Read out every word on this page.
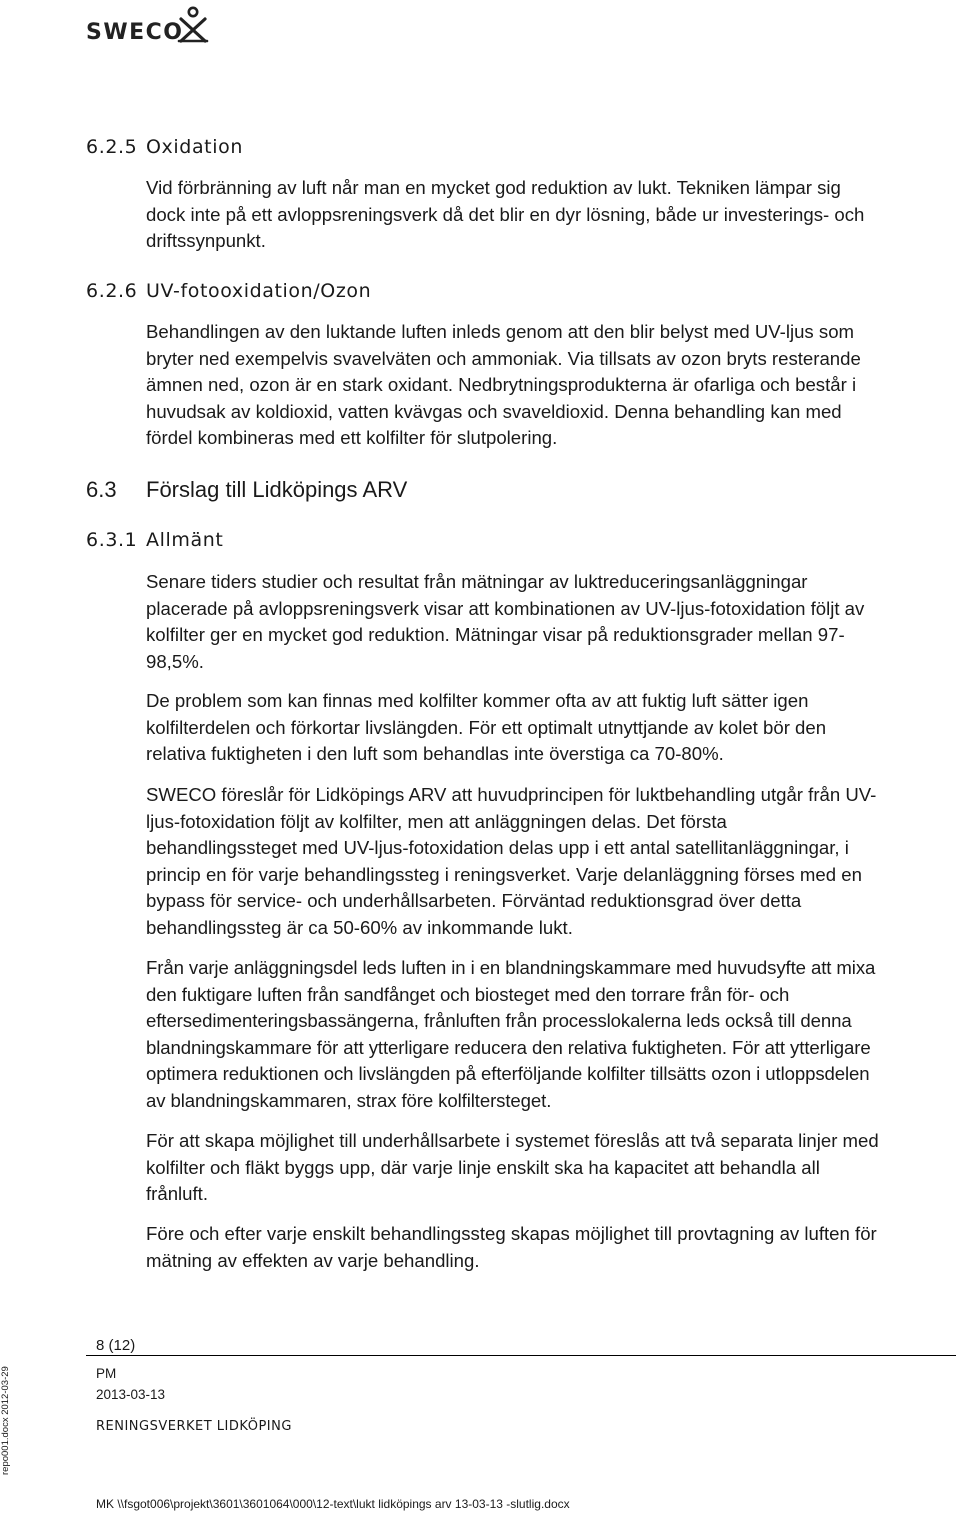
SWECO
6.2.5 Oxidation

Vid förbränning av luft når man en mycket god reduktion av lukt. Tekniken lämpar sig
dock inte på ett avloppsreningsverk då det blir en dyr lösning, både ur investerings- och
driftssynpunkt.

6.2.6 UV-fotooxidation/Ozon

Behandlingen av den luktande luften inleds genom att den blir belyst med UV-ljus som
bryter ned exempelvis svavelväten och ammoniak. Via tillsats av ozon bryts resterande
ämnen ned, ozon är en stark oxidant. Nedbrytningsprodukterna är ofarliga och består i
huvudsak av koldioxid, vatten kvävgas och svaveldioxid. Denna behandling kan med
fördel kombineras med ett kolfilter för slutpolering.

6.3 Förslag till Lidköpings ARV
6.3.1 Allmänt

Senare tiders studier och resultat från mätningar av luktreduceringsanläggningar
placerade på avloppsreningsverk visar att kombinationen av UV-ljus-fotoxidation följt av
kolfilter ger en mycket god reduktion. Mätningar visar på reduktionsgrader mellan 97-
98,5%.

De problem som kan finnas med kolfilter kommer ofta av att fuktig luft sätter igen
kolfilterdelen och förkortar livslängden. För ett optimalt utnyttjande av kolet bör den
relativa fuktigheten i den luft som behandlas inte överstiga ca 70-80%.

SWECO föreslår för Lidköpings ARV att huvudprincipen för luktbehandling utgår från UV-
ljus-fotoxidation följt av kolfilter, men att anläggningen delas. Det första
behandlingssteget med UV-ljus-fotoxidation delas upp i ett antal satellitanläggningar, i
princip en för varje behandlingssteg i reningsverket. Varje delanläggning förses med en
bypass för service- och underhållsarbeten. Förväntad reduktionsgrad över detta
behandlingssteg är ca 50-60% av inkommande lukt.

Från varje anläggningsdel leds luften in i en blandningskammare med huvudsyfte att mixa
den fuktigare luften från sandfånget och biosteget med den torrare från för- och
eftersedimenteringsbassängerna, frånluften från processlokalerna leds också till denna
blandningskammare för att ytterligare reducera den relativa fuktigheten. För att ytterligare
optimera reduktionen och livslängden på efterföljande kolfilter tillsätts ozon i utloppsdelen
av blandningskammaren, strax före kolfiltersteget.

För att skapa möjlighet till underhållsarbete i systemet föreslås att två separata linjer med
kolfilter och fläkt byggs upp, där varje linje enskilt ska ha kapacitet att behandla all
frånluft.

Före och efter varje enskilt behandlingssteg skapas möjlighet till provtagning av luften för
mätning av effekten av varje behandling.

8 (12)
PM
2013-03-13
RENINGSVERKET LIDKÖPING
MK \\fsgot006\projekt\3601\3601064\000\12-text\lukt lidköpings arv 13-03-13 -slutlig.docx
repo001.docx 2012-03-29
